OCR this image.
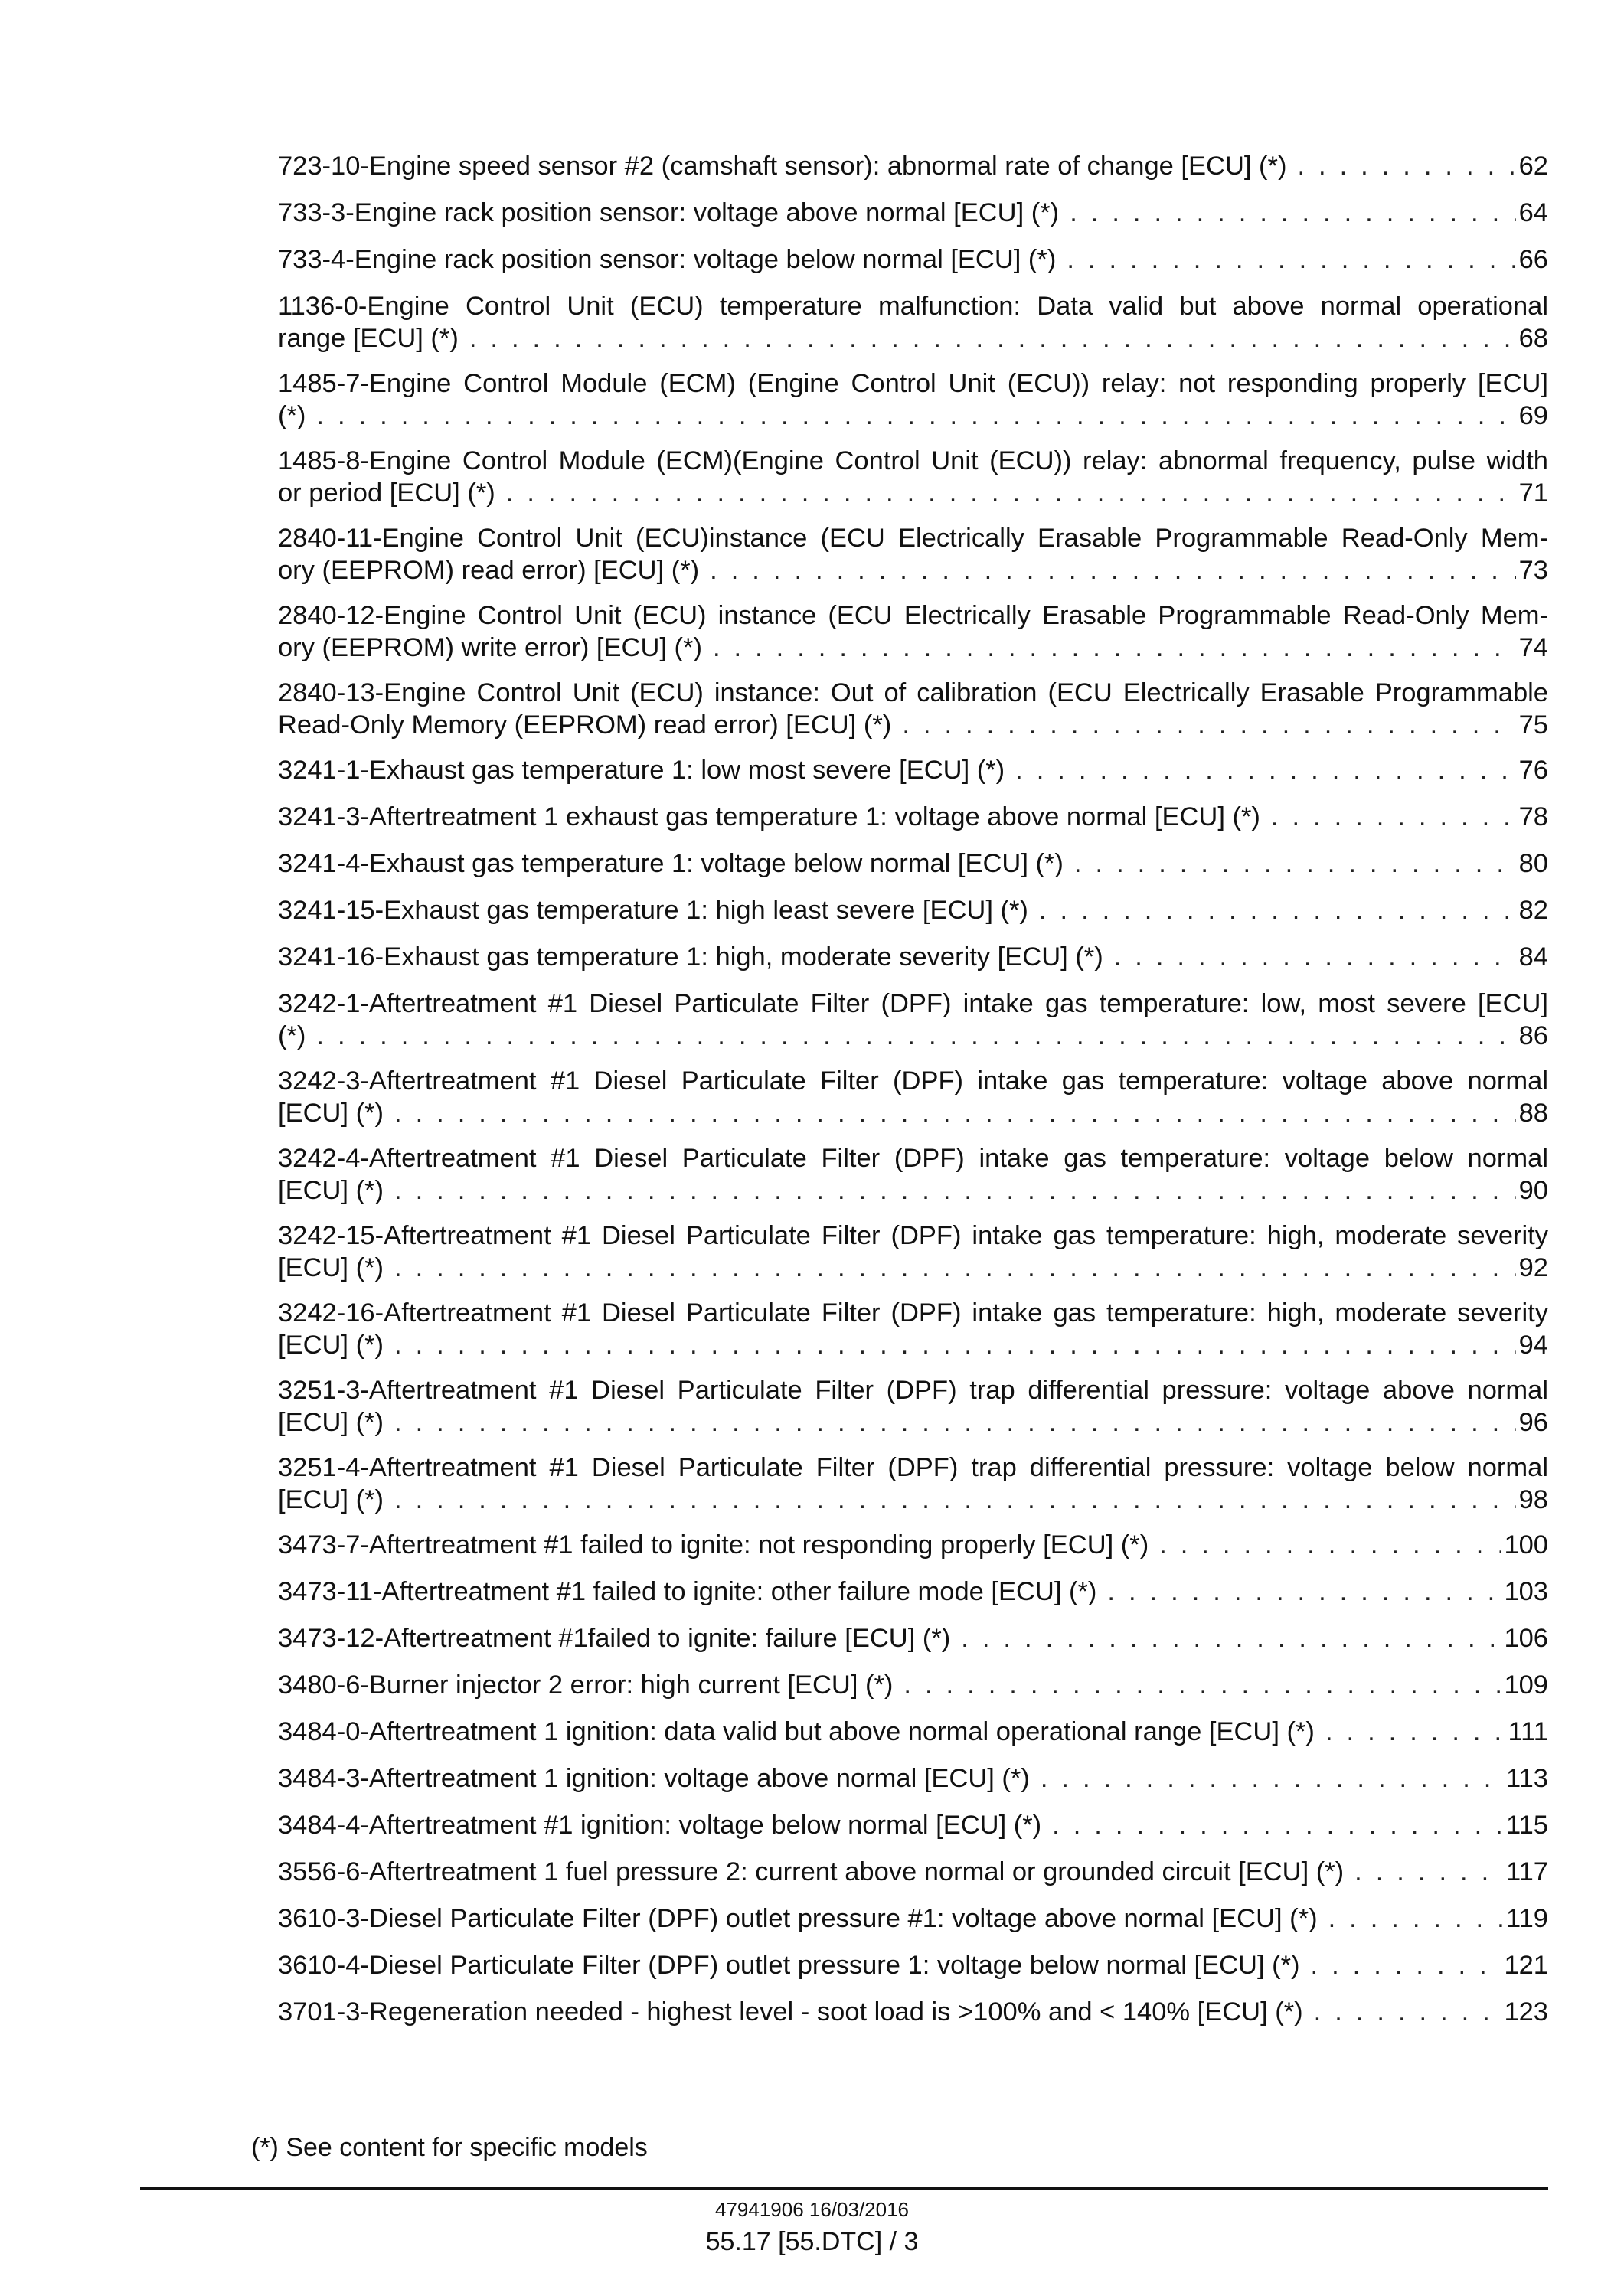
723-10-Engine speed sensor #2 (camshaft sensor): abnormal rate of change [ECU] (*) . . .	62
733-3-Engine rack position sensor: voltage above normal [ECU] (*) . . .	64
733-4-Engine rack position sensor: voltage below normal [ECU] (*) . . .	66
1136-0-Engine Control Unit (ECU) temperature malfunction: Data valid but above normal operational
range [ECU] (*) . . .	68
1485-7-Engine Control Module (ECM) (Engine Control Unit (ECU)) relay: not responding properly [ECU]
(*) . . .	69
1485-8-Engine Control Module (ECM)(Engine Control Unit (ECU)) relay: abnormal frequency, pulse width
or period [ECU] (*) . . .	71
2840-11-Engine Control Unit (ECU)instance (ECU Electrically Erasable Programmable Read-Only Mem-
ory (EEPROM) read error) [ECU] (*) . . .	73
2840-12-Engine Control Unit (ECU) instance (ECU Electrically Erasable Programmable Read-Only Mem-
ory (EEPROM) write error) [ECU] (*) . . .	74
2840-13-Engine Control Unit (ECU) instance: Out of calibration (ECU Electrically Erasable Programmable
Read-Only Memory (EEPROM) read error) [ECU] (*) . . .	75
3241-1-Exhaust gas temperature 1: low most severe [ECU] (*) . . .	76
3241-3-Aftertreatment 1 exhaust gas temperature 1: voltage above normal [ECU] (*) . . .	78
3241-4-Exhaust gas temperature 1: voltage below normal [ECU] (*) . . .	80
3241-15-Exhaust gas temperature 1: high least severe [ECU] (*) . . .	82
3241-16-Exhaust gas temperature 1: high, moderate severity [ECU] (*) . . .	84
3242-1-Aftertreatment #1 Diesel Particulate Filter (DPF) intake gas temperature: low, most severe [ECU]
(*) . . .	86
3242-3-Aftertreatment #1 Diesel Particulate Filter (DPF) intake gas temperature: voltage above normal
[ECU] (*) . . .	88
3242-4-Aftertreatment #1 Diesel Particulate Filter (DPF) intake gas temperature: voltage below normal
[ECU] (*) . . .	90
3242-15-Aftertreatment #1 Diesel Particulate Filter (DPF) intake gas temperature: high, moderate severity
[ECU] (*) . . .	92
3242-16-Aftertreatment #1 Diesel Particulate Filter (DPF) intake gas temperature: high, moderate severity
[ECU] (*) . . .	94
3251-3-Aftertreatment #1 Diesel Particulate Filter (DPF) trap differential pressure: voltage above normal
[ECU] (*) . . .	96
3251-4-Aftertreatment #1 Diesel Particulate Filter (DPF) trap differential pressure: voltage below normal
[ECU] (*) . . .	98
3473-7-Aftertreatment #1 failed to ignite: not responding properly [ECU] (*) . . .	100
3473-11-Aftertreatment #1 failed to ignite: other failure mode [ECU] (*) . . .	103
3473-12-Aftertreatment #1failed to ignite: failure [ECU] (*) . . .	106
3480-6-Burner injector 2 error: high current [ECU] (*) . . .	109
3484-0-Aftertreatment 1 ignition: data valid but above normal operational range [ECU] (*) . . .	111
3484-3-Aftertreatment 1 ignition: voltage above normal [ECU] (*) . . .	113
3484-4-Aftertreatment #1 ignition: voltage below normal [ECU] (*) . . .	115
3556-6-Aftertreatment 1 fuel pressure 2: current above normal or grounded circuit [ECU] (*) . . .	117
3610-3-Diesel Particulate Filter (DPF) outlet pressure #1: voltage above normal [ECU] (*) . . .	119
3610-4-Diesel Particulate Filter (DPF) outlet pressure 1: voltage below normal [ECU] (*) . . .	121
3701-3-Regeneration needed - highest level - soot load is >100% and < 140% [ECU] (*) . . .	123
(*) See content for specific models
47941906 16/03/2016
55.17 [55.DTC] / 3
